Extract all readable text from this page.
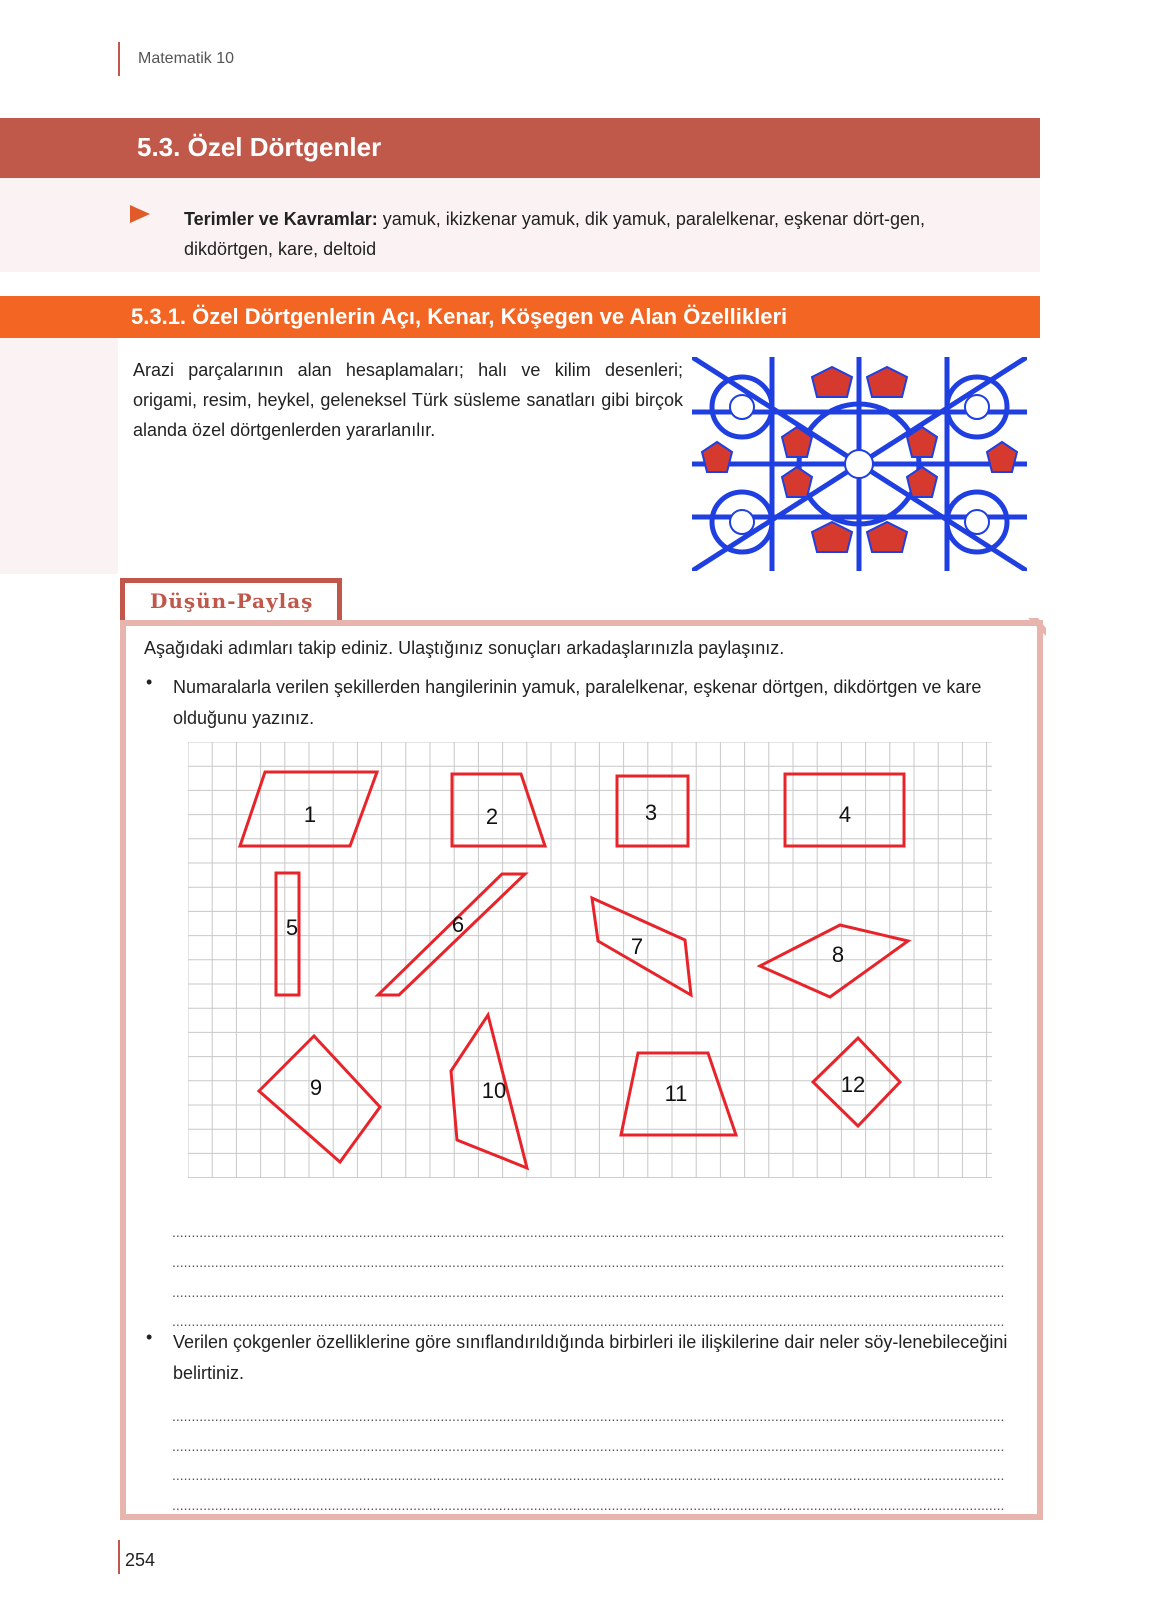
Matematik 10
5.3. Özel Dörtgenler
Terimler ve Kavramlar: yamuk, ikizkenar yamuk, dik yamuk, paralelkenar, eşkenar dört-gen, dikdörtgen, kare, deltoid
5.3.1. Özel Dörtgenlerin Açı, Kenar, Köşegen ve Alan Özellikleri
Arazi parçalarının alan hesaplamaları; halı ve kilim desenleri; origami, resim, heykel, geleneksel Türk süsleme sanatları gibi birçok alanda özel dörtgenlerden yararlanılır.
Düşün-Paylaş
Aşağıdaki adımları takip ediniz. Ulaştığınız sonuçları arkadaşlarınızla paylaşınız.
• Numaralarla verilen şekillerden hangilerinin yamuk, paralelkenar, eşkenar dörtgen, dikdörtgen ve kare olduğunu yazınız.
1	2	3	4
5	6
7	8
9	10	11	12
......................................................................................................................................................................................................................
......................................................................................................................................................................................................................
......................................................................................................................................................................................................................
......................................................................................................................................................................................................................
• Verilen çokgenler özelliklerine göre sınıflandırıldığında birbirleri ile ilişkilerine dair neler söy-lenebileceğini belirtiniz.
......................................................................................................................................................................................................................
......................................................................................................................................................................................................................
......................................................................................................................................................................................................................
......................................................................................................................................................................................................................
254
